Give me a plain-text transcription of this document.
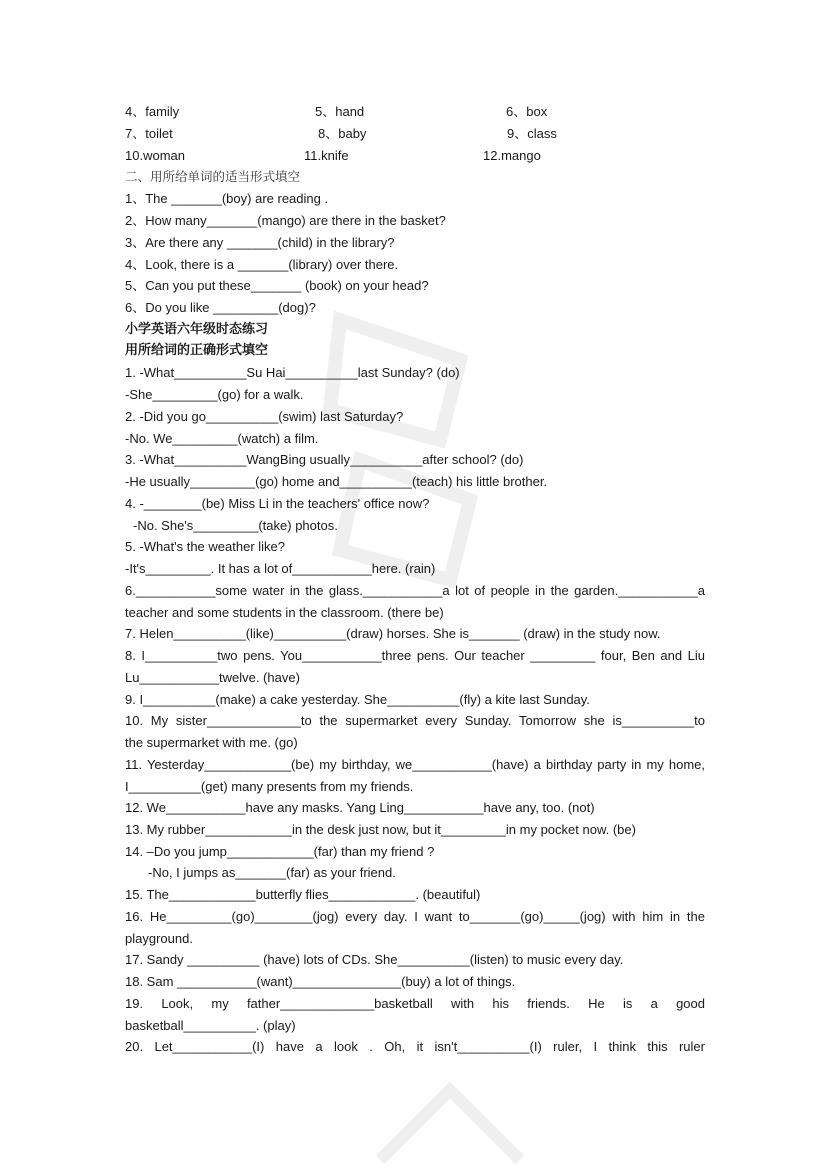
4、family	5、hand	6、box
7、toilet	8、baby	9、class
10.woman	11.knife	12.mango
二、用所给单词的适当形式填空
1、The _______(boy) are reading .
2、How many_______(mango) are there in the basket?
3、Are there any _______(child) in the library?
4、Look, there is a _______(library) over there.
5、Can you put these_______ (book) on your head?
6、Do you like _________(dog)?
小学英语六年级时态练习
用所给词的正确形式填空
1. -What__________Su Hai__________last Sunday? (do)
-She_________(go) for a walk.
2. -Did you go__________(swim) last Saturday?
-No. We_________(watch) a film.
3. -What__________WangBing usually__________after school? (do)
-He usually_________(go) home and__________(teach) his little brother.
4. -________(be) Miss Li in the teachers' office now?
-No. She's_________(take) photos.
5. -What's the weather like?
-It's_________. It has a lot of___________here. (rain)
6.___________some water in the glass.___________a lot of people in the garden.___________a
teacher and some students in the classroom. (there be)
7. Helen__________(like)__________(draw) horses. She is_______ (draw) in the study now.
8. I__________two pens. You___________three pens. Our teacher _________ four, Ben and Liu
Lu___________twelve. (have)
9. I__________(make) a cake yesterday. She__________(fly) a kite last Sunday.
10. My sister_____________to the supermarket every Sunday. Tomorrow she is__________to
the supermarket with me. (go)
11. Yesterday____________(be) my birthday, we___________(have) a birthday party in my home,
I__________(get) many presents from my friends.
12. We___________have any masks. Yang Ling___________have any, too. (not)
13. My rubber____________in the desk just now, but it_________in my pocket now. (be)
14. –Do you jump____________(far) than my friend ?
-No, I jumps as_______(far) as your friend.
15. The____________butterfly flies____________. (beautiful)
16. He_________(go)________(jog) every day. I want to_______(go)_____(jog) with him in the
playground.
17. Sandy __________ (have) lots of CDs. She__________(listen) to music every day.
18. Sam ___________(want)_______________(buy) a lot of things.
19. Look, my father_____________basketball with his friends. He is a good
basketball__________. (play)
20. Let___________(I) have a look . Oh, it isn't__________(I) ruler, I think this ruler
